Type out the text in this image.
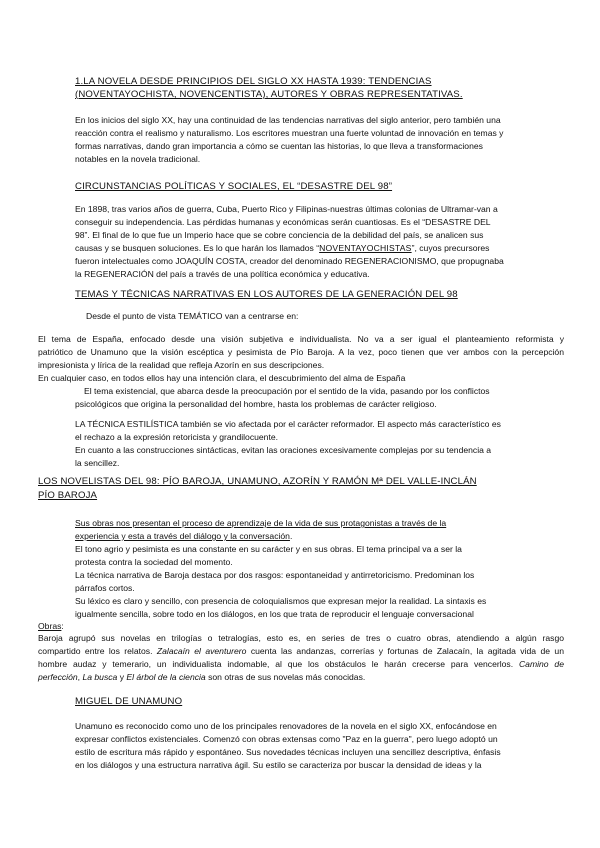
1.LA NOVELA DESDE PRINCIPIOS DEL SIGLO XX HASTA 1939: TENDENCIAS
(NOVENTAYOCHISTA, NOVENCENTISTA), AUTORES Y OBRAS REPRESENTATIVAS.
En los inicios del siglo XX, hay una continuidad de las tendencias narrativas del siglo anterior, pero también una
reacción contra el realismo y naturalismo. Los escritores muestran una fuerte voluntad de innovación en temas y
formas narrativas, dando gran importancia a cómo se cuentan las historias, lo que lleva a transformaciones
notables en la novela tradicional.
CIRCUNSTANCIAS POLÍTICAS Y SOCIALES, EL “DESASTRE DEL 98”
En 1898, tras varios años de guerra, Cuba, Puerto Rico y Filipinas-nuestras últimas colonias de Ultramar-van a
conseguir su independencia. Las pérdidas humanas y económicas serán cuantiosas. Es el “DESASTRE DEL
98”. El final de lo que fue un Imperio hace que se cobre conciencia de la debilidad del país, se analicen sus
causas y se busquen soluciones. Es lo que harán los llamados “NOVENTAYOCHISTAS”, cuyos precursores
fueron intelectuales como JOAQUÍN COSTA, creador del denominado REGENERACIONISMO, que propugnaba
la REGENERACIÓN del país a través de una política económica y educativa.
TEMAS Y TÉCNICAS NARRATIVAS EN LOS AUTORES DE LA GENERACIÓN DEL 98
Desde el punto de vista TEMÁTICO van a centrarse en:
El tema de España, enfocado desde una visión subjetiva e individualista. No va a ser igual el planteamiento reformista y
patriótico de Unamuno que la visión escéptica y pesimista de Pío Baroja. A la vez, poco tienen que ver ambos con la percepción
impresionista y lírica de la realidad que refleja Azorín en sus descripciones.
En cualquier caso, en todos ellos hay una intención clara, el descubrimiento del alma de España
El tema existencial, que abarca desde la preocupación por el sentido de la vida, pasando por los conflictos
psicológicos que origina la personalidad del hombre, hasta los problemas de carácter religioso.
LA TÉCNICA ESTILÍSTICA también se vio afectada por el carácter reformador. El aspecto más característico es
el rechazo a la expresión retoricista y grandilocuente.
En cuanto a las construcciones sintácticas, evitan las oraciones excesivamente complejas por su tendencia a
la sencillez.
LOS NOVELISTAS DEL 98: PÍO BAROJA, UNAMUNO, AZORÍN Y RAMÓN Mª DEL VALLE-INCLÁN
PÍO BAROJA
Sus obras nos presentan el proceso de aprendizaje de la vida de sus protagonistas a través de la
experiencia y esta a través del diálogo y la conversación.
El tono agrio y pesimista es una constante en su carácter y en sus obras. El tema principal va a ser la
protesta contra la sociedad del momento.
La técnica narrativa de Baroja destaca por dos rasgos: espontaneidad y antirretoricismo. Predominan los
párrafos cortos.
Su léxico es claro y sencillo, con presencia de coloquialismos que expresan mejor la realidad. La sintaxis es
igualmente sencilla, sobre todo en los diálogos, en los que trata de reproducir el lenguaje conversacional
Obras:
Baroja agrupó sus novelas en trilogías o tetralogías, esto es, en series de tres o cuatro obras, atendiendo a algún rasgo
compartido entre los relatos. Zalacaín el aventurero cuenta las andanzas, correrías y fortunas de Zalacaín, la agitada vida de un
hombre audaz y temerario, un individualista indomable, al que los obstáculos le harán crecerse para vencerlos. Camino de
perfección, La busca y El árbol de la ciencia son otras de sus novelas más conocidas.
MIGUEL DE UNAMUNO
Unamuno es reconocido como uno de los principales renovadores de la novela en el siglo XX, enfocándose en
expresar conflictos existenciales. Comenzó con obras extensas como "Paz en la guerra", pero luego adoptó un
estilo de escritura más rápido y espontáneo. Sus novedades técnicas incluyen una sencillez descriptiva, énfasis
en los diálogos y una estructura narrativa ágil. Su estilo se caracteriza por buscar la densidad de ideas y la
